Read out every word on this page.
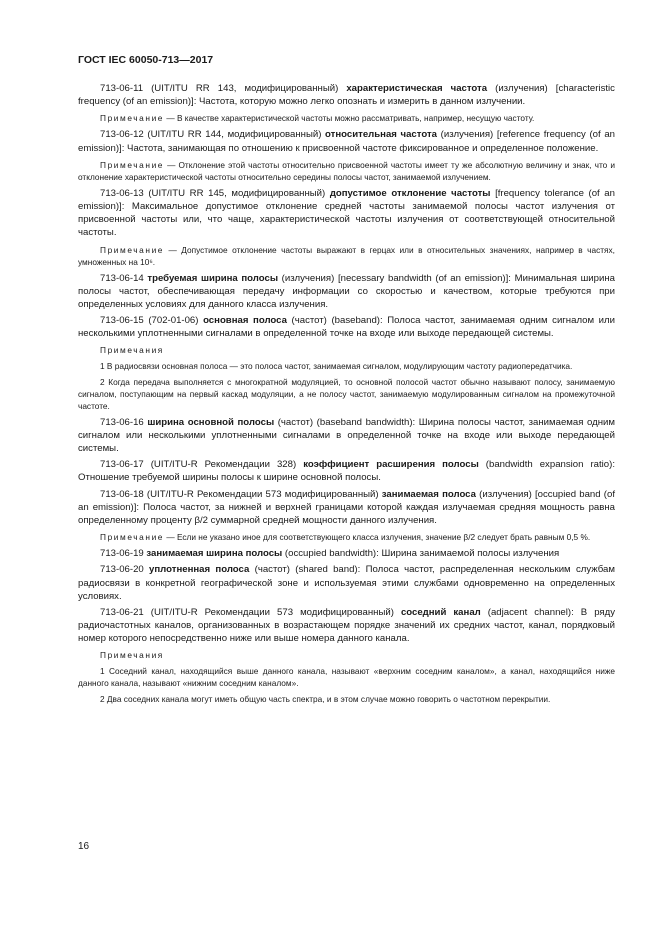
ГОСТ IEC 60050-713—2017

713-06-11 (UIT/ITU RR 143, модифицированный) характеристическая частота (излучения) [characteristic frequency (of an emission)]: Частота, которую можно легко опознать и измерить в данном излучении.

Примечание — В качестве характеристической частоты можно рассматривать, например, несущую частоту.

713-06-12 (UIT/ITU RR 144, модифицированный) относительная частота (излучения) [reference frequency (of an emission)]: Частота, занимающая по отношению к присвоенной частоте фиксированное и определенное положение.

Примечание — Отклонение этой частоты относительно присвоенной частоты имеет ту же абсолютную величину и знак, что и отклонение характеристической частоты относительно середины полосы частот, занимаемой излучением.

713-06-13 (UIT/ITU RR 145, модифицированный) допустимое отклонение частоты [frequency tolerance (of an emission)]: Максимальное допустимое отклонение средней частоты занимаемой полосы частот излучения от присвоенной частоты или, что чаще, характеристической частоты излучения от соответствующей относительной частоты.

Примечание — Допустимое отклонение частоты выражают в герцах или в относительных значениях, например в частях, умноженных на 10⁶.

713-06-14 требуемая ширина полосы (излучения) [necessary bandwidth (of an emission)]: Минимальная ширина полосы частот, обеспечивающая передачу информации со скоростью и качеством, которые требуются при определенных условиях для данного класса излучения.

713-06-15 (702-01-06) основная полоса (частот) (baseband): Полоса частот, занимаемая одним сигналом или несколькими уплотненными сигналами в определенной точке на входе или выходе передающей системы.

Примечания

1 В радиосвязи основная полоса — это полоса частот, занимаемая сигналом, модулирующим частоту радиопередатчика.

2 Когда передача выполняется с многократной модуляцией, то основной полосой частот обычно называют полосу, занимаемую сигналом, поступающим на первый каскад модуляции, а не полосу частот, занимаемую модулированным сигналом на промежуточной частоте.

713-06-16 ширина основной полосы (частот) (baseband bandwidth): Ширина полосы частот, занимаемая одним сигналом или несколькими уплотненными сигналами в определенной точке на входе или выходе передающей системы.

713-06-17 (UIT/ITU-R Рекомендации 328) коэффициент расширения полосы (bandwidth expansion ratio): Отношение требуемой ширины полосы к ширине основной полосы.

713-06-18 (UIT/ITU-R Рекомендации 573 модифицированный) занимаемая полоса (излучения) [occupied band (of an emission)]: Полоса частот, за нижней и верхней границами которой каждая излучаемая средняя мощность равна определенному проценту β/2 суммарной средней мощности данного излучения.

Примечание — Если не указано иное для соответствующего класса излучения, значение β/2 следует брать равным 0,5 %.

713-06-19 занимаемая ширина полосы (occupied bandwidth): Ширина занимаемой полосы излучения

713-06-20 уплотненная полоса (частот) (shared band): Полоса частот, распределенная нескольким службам радиосвязи в конкретной географической зоне и используемая этими службами одновременно на определенных условиях.

713-06-21 (UIT/ITU-R Рекомендации 573 модифицированный) соседний канал (adjacent channel): В ряду радиочастотных каналов, организованных в возрастающем порядке значений их средних частот, канал, порядковый номер которого непосредственно ниже или выше номера данного канала.

Примечания

1 Соседний канал, находящийся выше данного канала, называют «верхним соседним каналом», а канал, находящийся ниже данного канала, называют «нижним соседним каналом».

2 Два соседних канала могут иметь общую часть спектра, и в этом случае можно говорить о частотном перекрытии.

16
